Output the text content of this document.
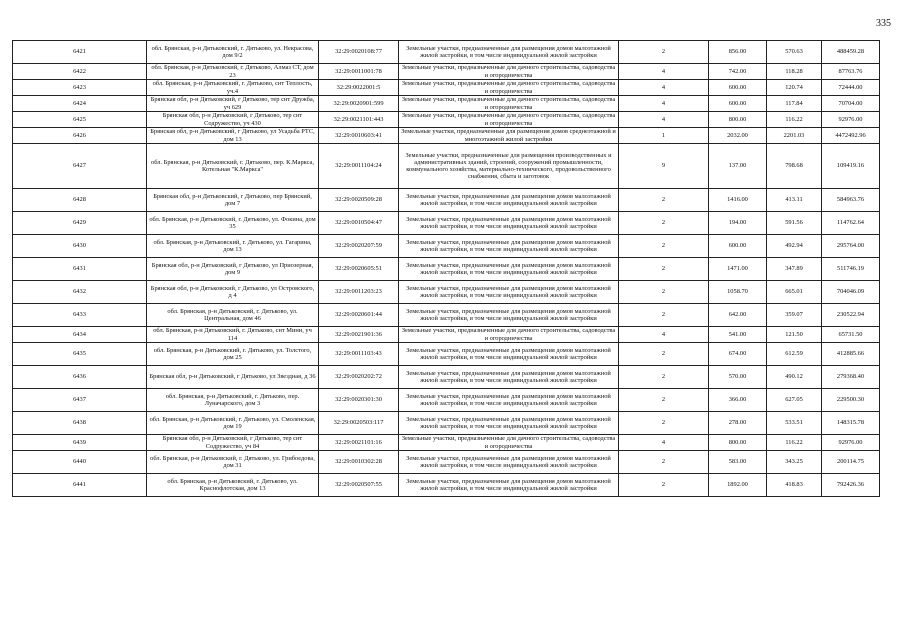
335
6421	обл. Брянская, р-н Дятьковский, г. Дятьково, ул. Некрасова, дом 9/2	32:29:0020108:77	Земельные участки, предназначенные для размещения домов малоэтажной жилой застройки, в том числе индивидуальной жилой застройки	2	856.00	570.63	488459.28
6422	обл. Брянская, р-н Дятьковский, г. Дятьково, Алмаз СТ, дом 23	32:29:0011001:78	Земельные участки, предназначенные для дачного строительства, садоводства и огородничества	4	742.00	118.28	87763.76
6423	обл. Брянская, р-н Дятьковский, г. Дятьково, снт Теплость, уч.4	32:29:0022001:5	Земельные участки, предназначенные для дачного строительства, садоводства и огородничества	4	600.00	120.74	72444.00
6424	Брянская обл, р-н Дятьковский, г Дятьково, тер снт Дружба, уч 629	32:29:0020901:599	Земельные участки, предназначенные для дачного строительства, садоводства и огородничества	4	600.00	117.84	70704.00
6425	Брянская обл, р-н Дятьковский, г Дятьково, тер снт Содружество, уч 430	32:29:0021101:443	Земельные участки, предназначенные для дачного строительства, садоводства и огородничества	4	800.00	116.22	92976.00
6426	Брянская обл, р-н Дятьковский, г Дятьково, ул Усадьба РТС, дом 13	32:29:0010603:41	Земельные участки, предназначенные для размещения домов среднеэтажной и многоэтажной жилой застройки	1	2032.00	2201.03	4472492.96
6427	обл. Брянская, р-н Дятьковский, г. Дятьково, пер. К.Маркса, Котельная "К.Маркса"	32:29:0011104:24	Земельные участки, предназначенные для размещения производственных и административных зданий, строений, сооружений промышленности, коммунального хозяйства, материально-технического, продовольственного снабжения, сбыта и заготовок	9	137.00	798.68	109419.16
6428	Брянская обл, р-н Дятьковский, г Дятьково, пер Брянский, дом 7	32:29:0020509:28	Земельные участки, предназначенные для размещения домов малоэтажной жилой застройки, в том числе индивидуальной жилой застройки	2	1416.00	413.11	584963.76
6429	обл. Брянская, р-н Дятьковский, г. Дятьково, ул. Фокина, дом 35	32:29:0010504:47	Земельные участки, предназначенные для размещения домов малоэтажной жилой застройки, в том числе индивидуальной жилой застройки	2	194.00	591.56	114762.64
6430	обл. Брянская, р-н Дятьковский, г. Дятьково, ул. Гагарина, дом 13	32:29:0020207:59	Земельные участки, предназначенные для размещения домов малоэтажной жилой застройки, в том числе индивидуальной жилой застройки	2	600.00	492.94	295764.00
6431	Брянская обл, р-н Дятьковский, г Дятьково, ул Приозерная, дом 9	32:29:0020605:51	Земельные участки, предназначенные для размещения домов малоэтажной жилой застройки, в том числе индивидуальной жилой застройки	2	1471.00	347.89	511746.19
6432	Брянская обл, р-н Дятьковский, г Дятьково, ул Островского, д 4	32:29:0011203:23	Земельные участки, предназначенные для размещения домов малоэтажной жилой застройки, в том числе индивидуальной жилой застройки	2	1058.70	665.01	704046.09
6433	обл. Брянская, р-н Дятьковский, г. Дятьково, ул. Центральная, дом 46	32:29:0020601:44	Земельные участки, предназначенные для размещения домов малоэтажной жилой застройки, в том числе индивидуальной жилой застройки	2	642.00	359.07	230522.94
6434	обл. Брянская, р-н Дятьковский, г. Дятьково, снт Мини, уч 114	32:29:0021901:36	Земельные участки, предназначенные для дачного строительства, садоводства и огородничества	4	541.00	121.50	65731.50
6435	обл. Брянская, р-н Дятьковский, г. Дятьково, ул. Толстого, дом 25	32:29:0011103:43	Земельные участки, предназначенные для размещения домов малоэтажной жилой застройки, в том числе индивидуальной жилой застройки	2	674.00	612.59	412885.66
6436	Брянская обл, р-н Дятьковский, г Дятьково, ул Звездная, д 36	32:29:0020202:72	Земельные участки, предназначенные для размещения домов малоэтажной жилой застройки, в том числе индивидуальной жилой застройки	2	570.00	490.12	279368.40
6437	обл. Брянская, р-н Дятьковский, г. Дятьково, пер. Луначарского, дом 3	32:29:0020301:30	Земельные участки, предназначенные для размещения домов малоэтажной жилой застройки, в том числе индивидуальной жилой застройки	2	366.00	627.05	229500.30
6438	обл. Брянская, р-н Дятьковский, г. Дятьково, ул. Смоленская, дом 19	32:29:0020503:117	Земельные участки, предназначенные для размещения домов малоэтажной жилой застройки, в том числе индивидуальной жилой застройки	2	278.00	533.51	148315.78
6439	Брянская обл, р-н Дятьковский, г Дятьково, тер снт Содружество, уч 84	32:29:0021101:16	Земельные участки, предназначенные для дачного строительства, садоводства и огородничества	4	800.00	116.22	92976.00
6440	обл. Брянская, р-н Дятьковский, г. Дятьково, ул. Грибоедова, дом 31	32:29:0010302:28	Земельные участки, предназначенные для размещения домов малоэтажной жилой застройки, в том числе индивидуальной жилой застройки	2	583.00	343.25	200114.75
6441	обл. Брянская, р-н Дятьковский, г. Дятьково, ул. Краснофлотская, дом 13	32:29:0020507:55	Земельные участки, предназначенные для размещения домов малоэтажной жилой застройки, в том числе индивидуальной жилой застройки	2	1892.00	418.83	792426.36
